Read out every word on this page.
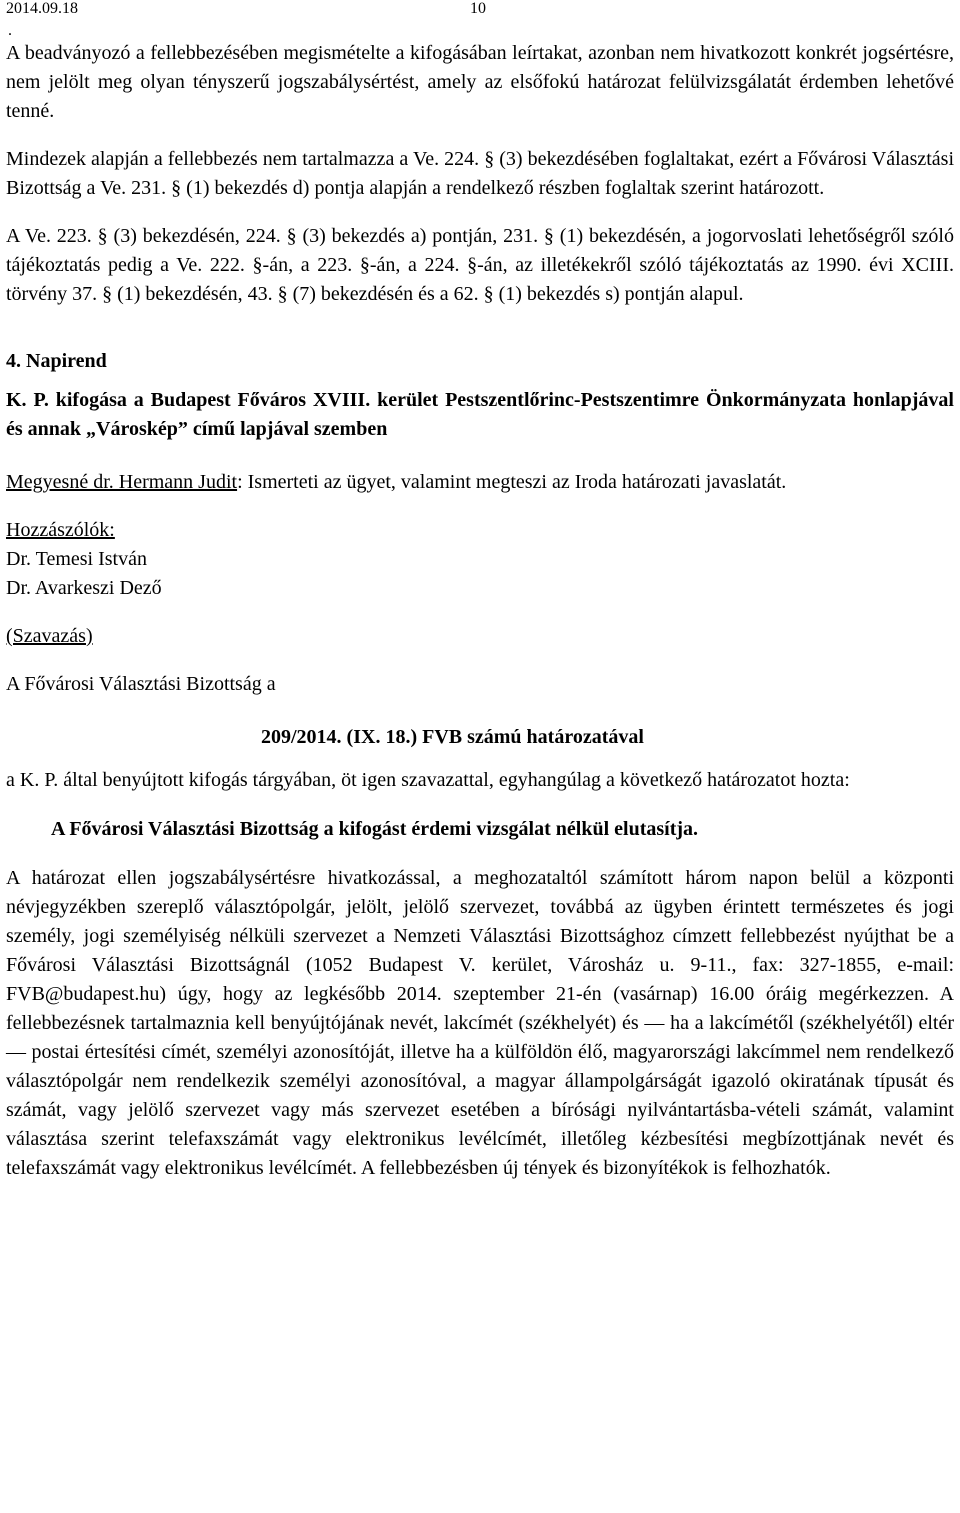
2014.09.18	10
.

A beadványozó a fellebbezésében megismételte a kifogásában leírtakat, azonban nem hivatkozott konkrét jogsértésre, nem jelölt meg olyan tényszerű jogszabálysértést, amely az elsőfokú határozat felülvizsgálatát érdemben lehetővé tenné.

Mindezek alapján a fellebbezés nem tartalmazza a Ve. 224. § (3) bekezdésében foglaltakat, ezért a Fővárosi Választási Bizottság a Ve. 231. § (1) bekezdés d) pontja alapján a rendelkező részben foglaltak szerint határozott.

A Ve. 223. § (3) bekezdésén, 224. § (3) bekezdés a) pontján, 231. § (1) bekezdésén, a jogorvoslati lehetőségről szóló tájékoztatás pedig a Ve. 222. §-án, a 223. §-án, a 224. §-án, az illetékekről szóló tájékoztatás az 1990. évi XCIII. törvény 37. § (1) bekezdésén, 43. § (7) bekezdésén és a 62. § (1) bekezdés s) pontján alapul.

4. Napirend

K. P. kifogása a Budapest Főváros XVIII. kerület Pestszentlőrinc-Pestszentimre Önkormányzata honlapjával és annak „Városkép” című lapjával szemben

Megyesné dr. Hermann Judit: Ismerteti az ügyet, valamint megteszi az Iroda határozati javaslatát.

Hozzászólók:

Dr. Temesi István

Dr. Avarkeszi Dező

(Szavazás)

A Fővárosi Választási Bizottság a

209/2014. (IX. 18.) FVB számú határozatával

a K. P. által benyújtott kifogás tárgyában, öt igen szavazattal, egyhangúlag a következő határozatot hozta:

A Fővárosi Választási Bizottság a kifogást érdemi vizsgálat nélkül elutasítja.

A határozat ellen jogszabálysértésre hivatkozással, a meghozataltól számított három napon belül a központi névjegyzékben szereplő választópolgár, jelölt, jelölő szervezet, továbbá az ügyben érintett természetes és jogi személy, jogi személyiség nélküli szervezet a Nemzeti Választási Bizottsághoz címzett fellebbezést nyújthat be a Fővárosi Választási Bizottságnál (1052 Budapest V. kerület, Városház u. 9-11., fax: 327-1855, e-mail: FVB@budapest.hu) úgy, hogy az legkésőbb 2014. szeptember 21-én (vasárnap) 16.00 óráig megérkezzen. A fellebbezésnek tartalmaznia kell benyújtójának nevét, lakcímét (székhelyét) és — ha a lakcímétől (székhelyétől) eltér — postai értesítési címét, személyi azonosítóját, illetve ha a külföldön élő, magyarországi lakcímmel nem rendelkező választópolgár nem rendelkezik személyi azonosítóval, a magyar állampolgárságát igazoló okiratának típusát és számát, vagy jelölő szervezet vagy más szervezet esetében a bírósági nyilvántartásba-vételi számát, valamint választása szerint telefaxszámát vagy elektronikus levélcímét, illetőleg kézbesítési megbízottjának nevét és telefaxszámát vagy elektronikus levélcímét. A fellebbezésben új tények és bizonyítékok is felhozhatók.
